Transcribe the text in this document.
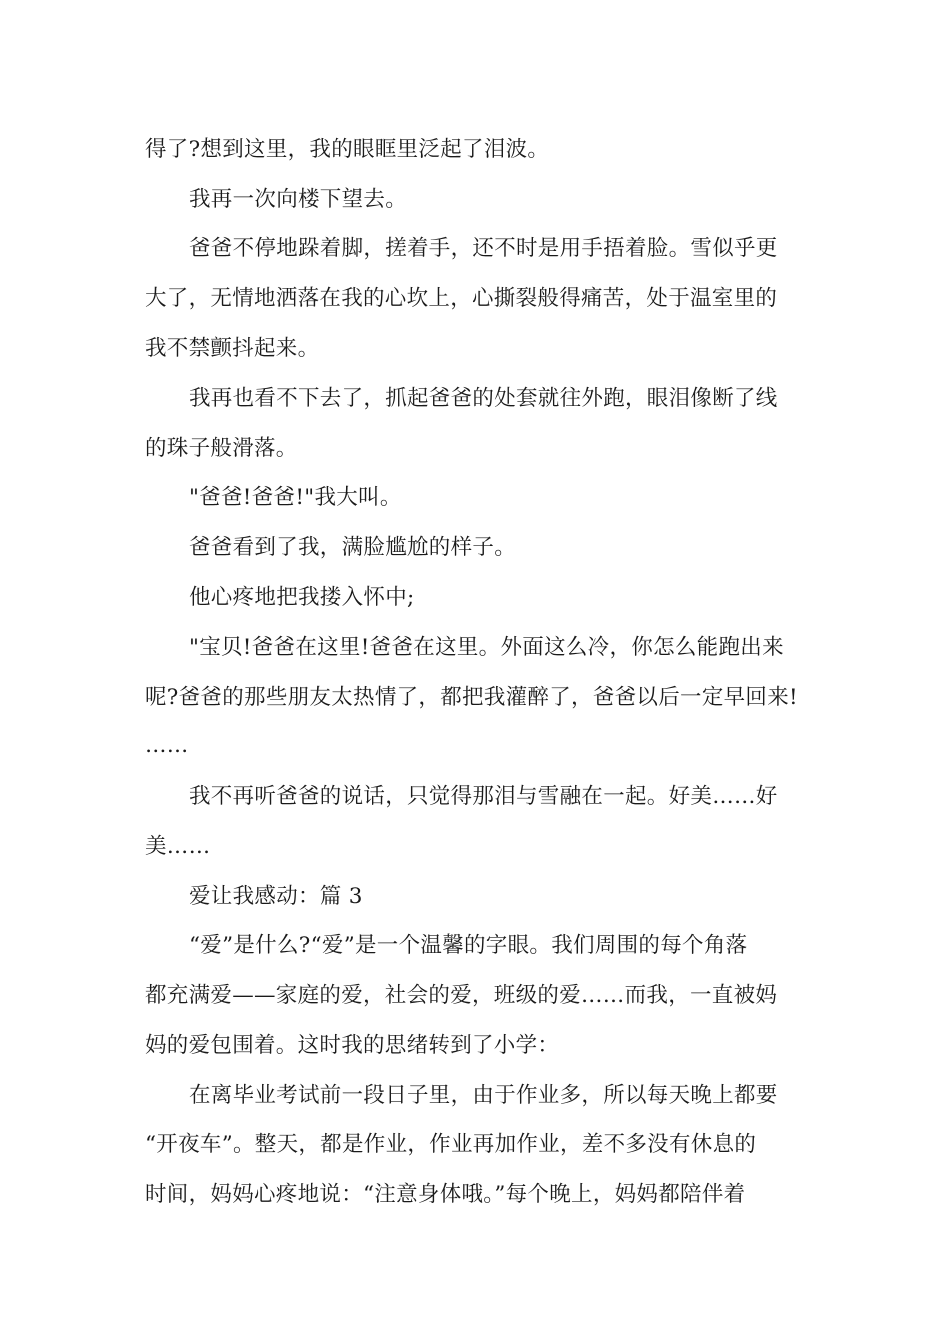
得了?想到这里，我的眼眶里泛起了泪波。
我再一次向楼下望去。
爸爸不停地跺着脚，搓着手，还不时是用手捂着脸。雪似乎更
大了，无情地洒落在我的心坎上，心撕裂般得痛苦，处于温室里的
我不禁颤抖起来。
我再也看不下去了，抓起爸爸的处套就往外跑，眼泪像断了线
的珠子般滑落。
"爸爸!爸爸!"我大叫。
爸爸看到了我，满脸尴尬的样子。
他心疼地把我搂入怀中;
"宝贝!爸爸在这里!爸爸在这里。外面这么冷，你怎么能跑出来
呢?爸爸的那些朋友太热情了，都把我灌醉了，爸爸以后一定早回来!
……
我不再听爸爸的说话，只觉得那泪与雪融在一起。好美……好
美……
爱让我感动：篇 3
“爱”是什么?“爱”是一个温馨的字眼。我们周围的每个角落
都充满爱——家庭的爱，社会的爱，班级的爱……而我，一直被妈
妈的爱包围着。这时我的思绪转到了小学：
在离毕业考试前一段日子里，由于作业多，所以每天晚上都要
“开夜车”。整天，都是作业，作业再加作业，差不多没有休息的
时间，妈妈心疼地说：“注意身体哦。”每个晚上，妈妈都陪伴着
